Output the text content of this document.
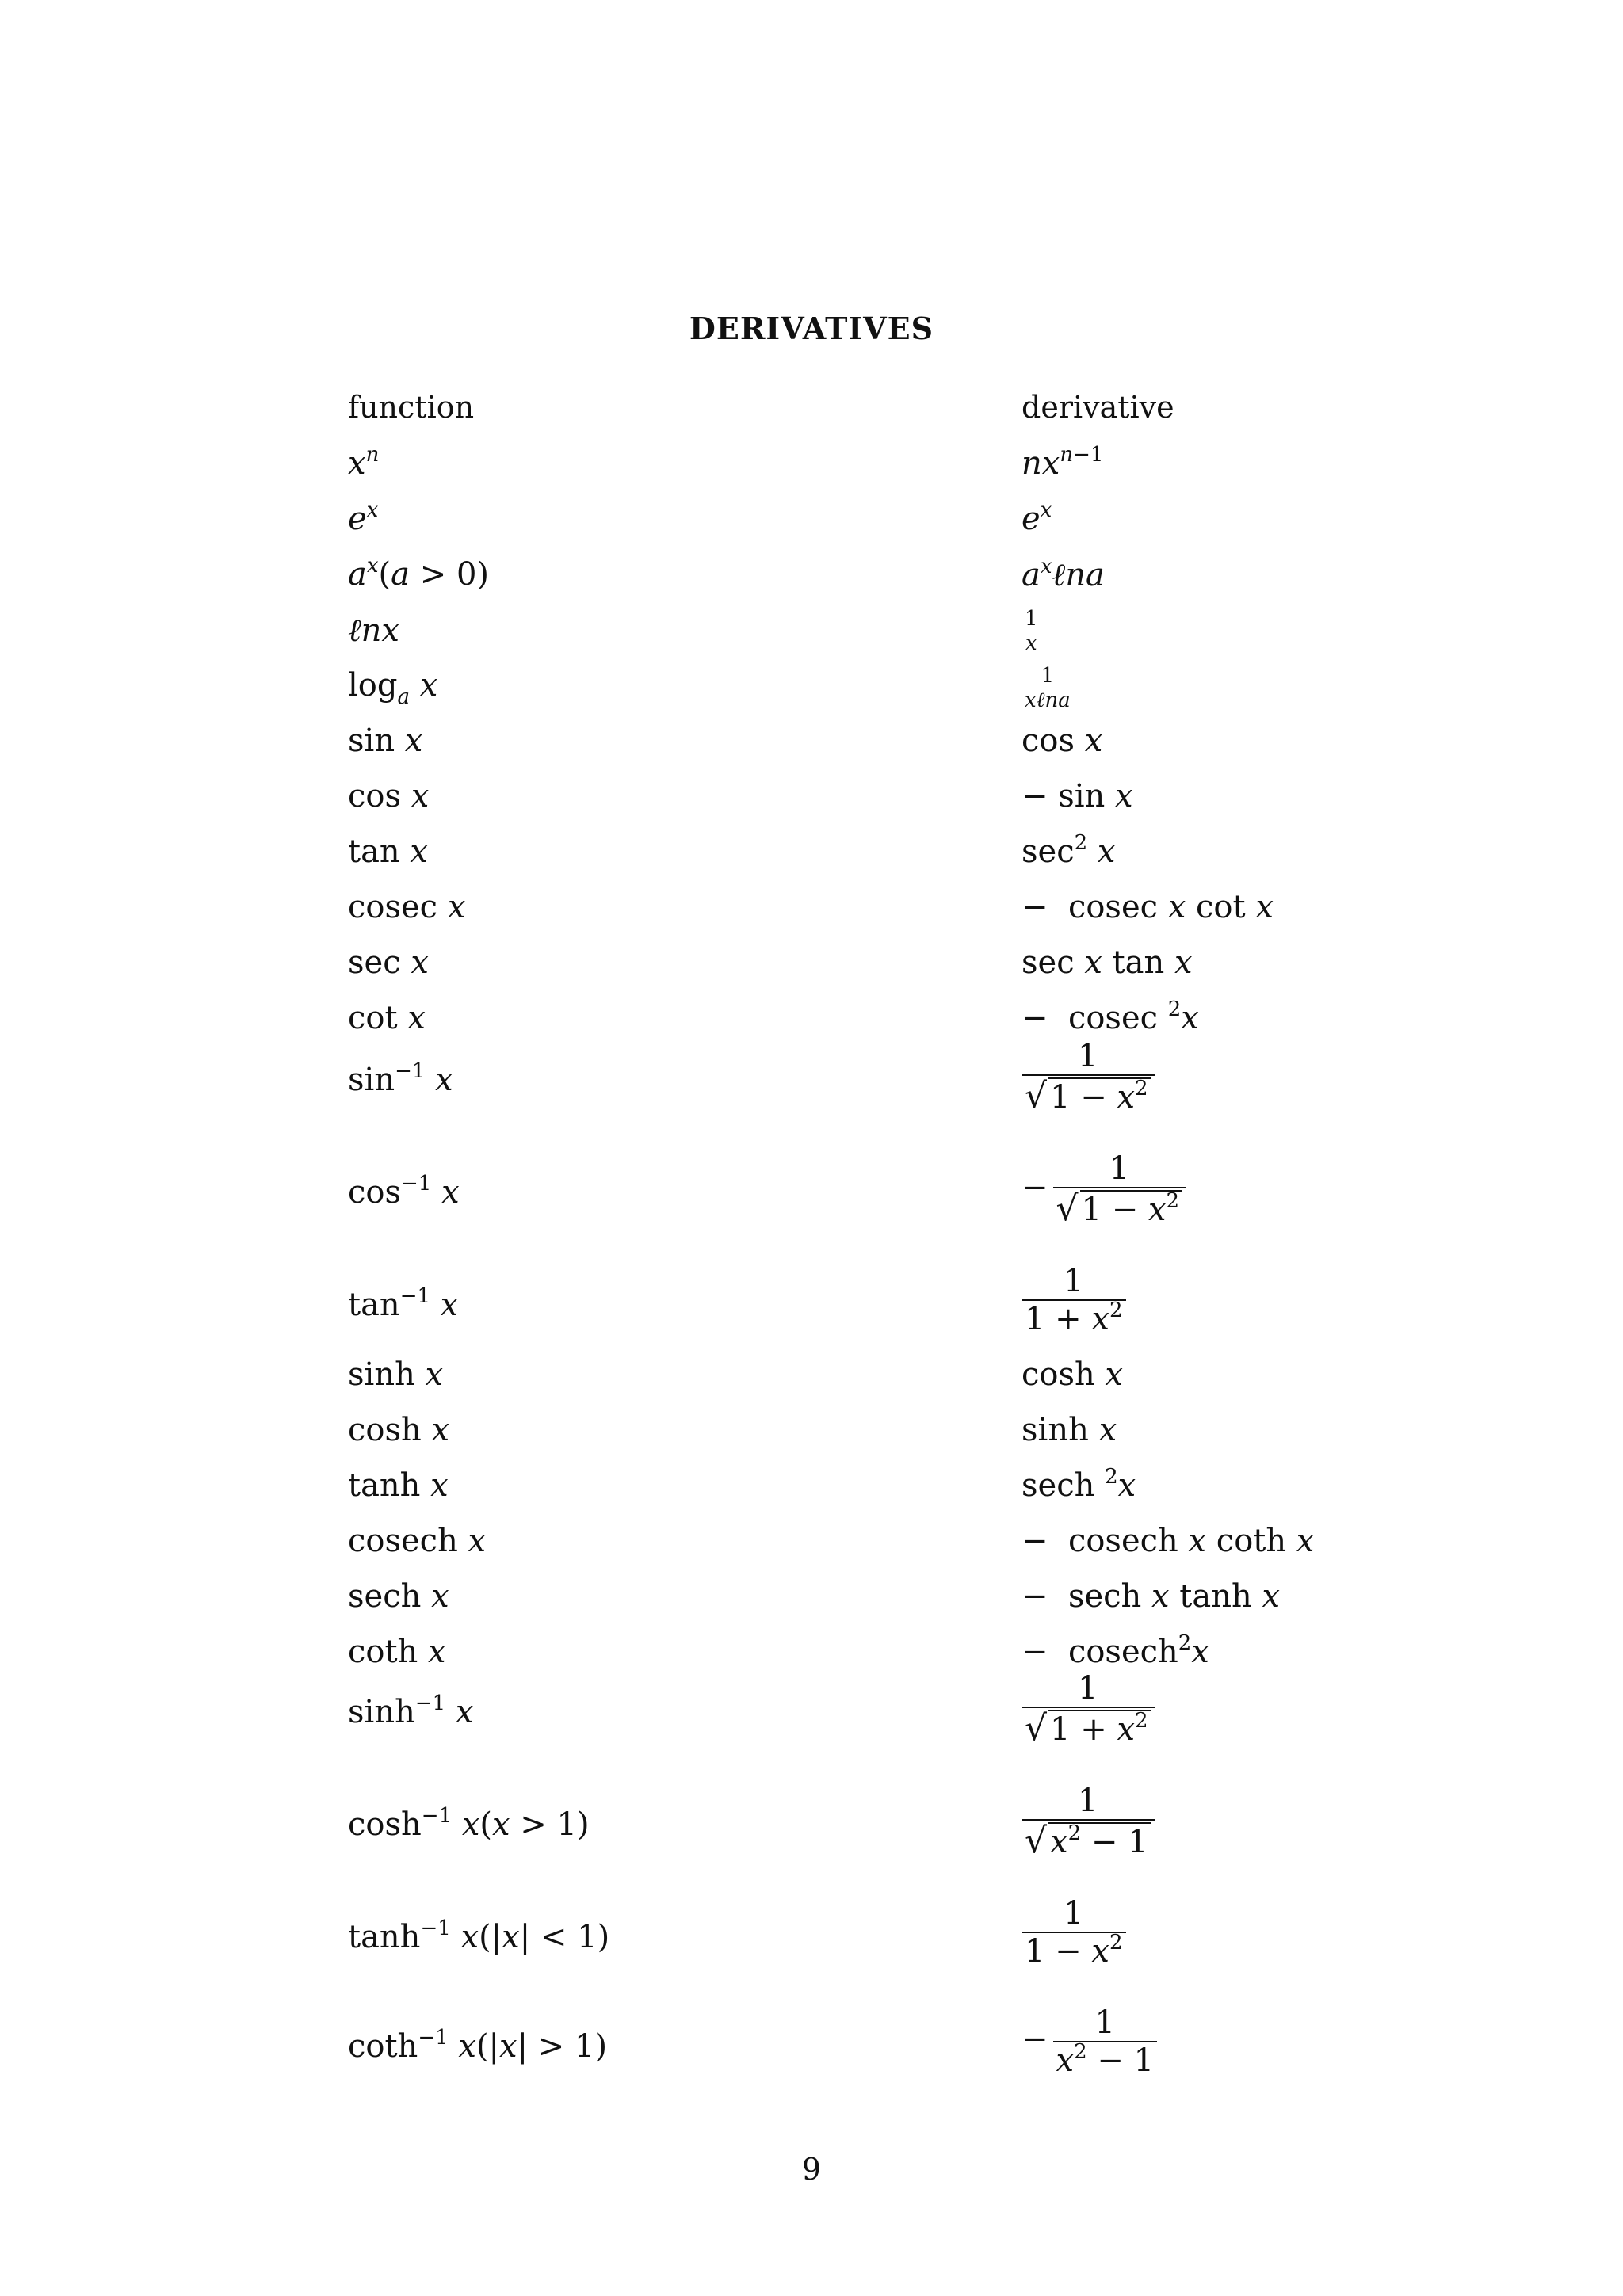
DERIVATIVES
function	derivative
$x^n$	$nx^{n-1}$
$e^x$	$e^x$
$a^x(a > 0)$	$a^x\ell na$
ℓnx	$\frac{1}{x}$
$\log_a x$	$\frac{1}{\text{xℓna}}$
sin x	cos x
cos x	− sin x
tan x	$\sec^2 x$
cosec x	−  cosec x cot x
sec x	sec x tan x
cot x	−  cosec $^2$x
$\sin^{-1} x$	$\frac{1}{√ 1 - x^2}$
$\cos^{-1} x$	− $\frac{1}{√ 1 - x^2}$
$\tan^{-1} x$	$\frac{1}{1 + x^2}$
sinh x	cosh x
cosh x	sinh x
tanh x	sech $^2$x
cosech x	−  cosech x coth x
sech x	−  sech x tanh x
coth x	−  cosech$^2$x
$\sinh^{-1} x$	$\frac{1}{√ 1 + x^2}$
$\cosh^{-1} x(x > 1)$	$\frac{1}{√ x^2 - 1}$
$\tanh^{-1} x(|x| < 1)$	$\frac{1}{1 - x^2}$
coth$^{-1}$ x(|x| > 1)	− $\frac{1}{x^2 - 1}$
9
